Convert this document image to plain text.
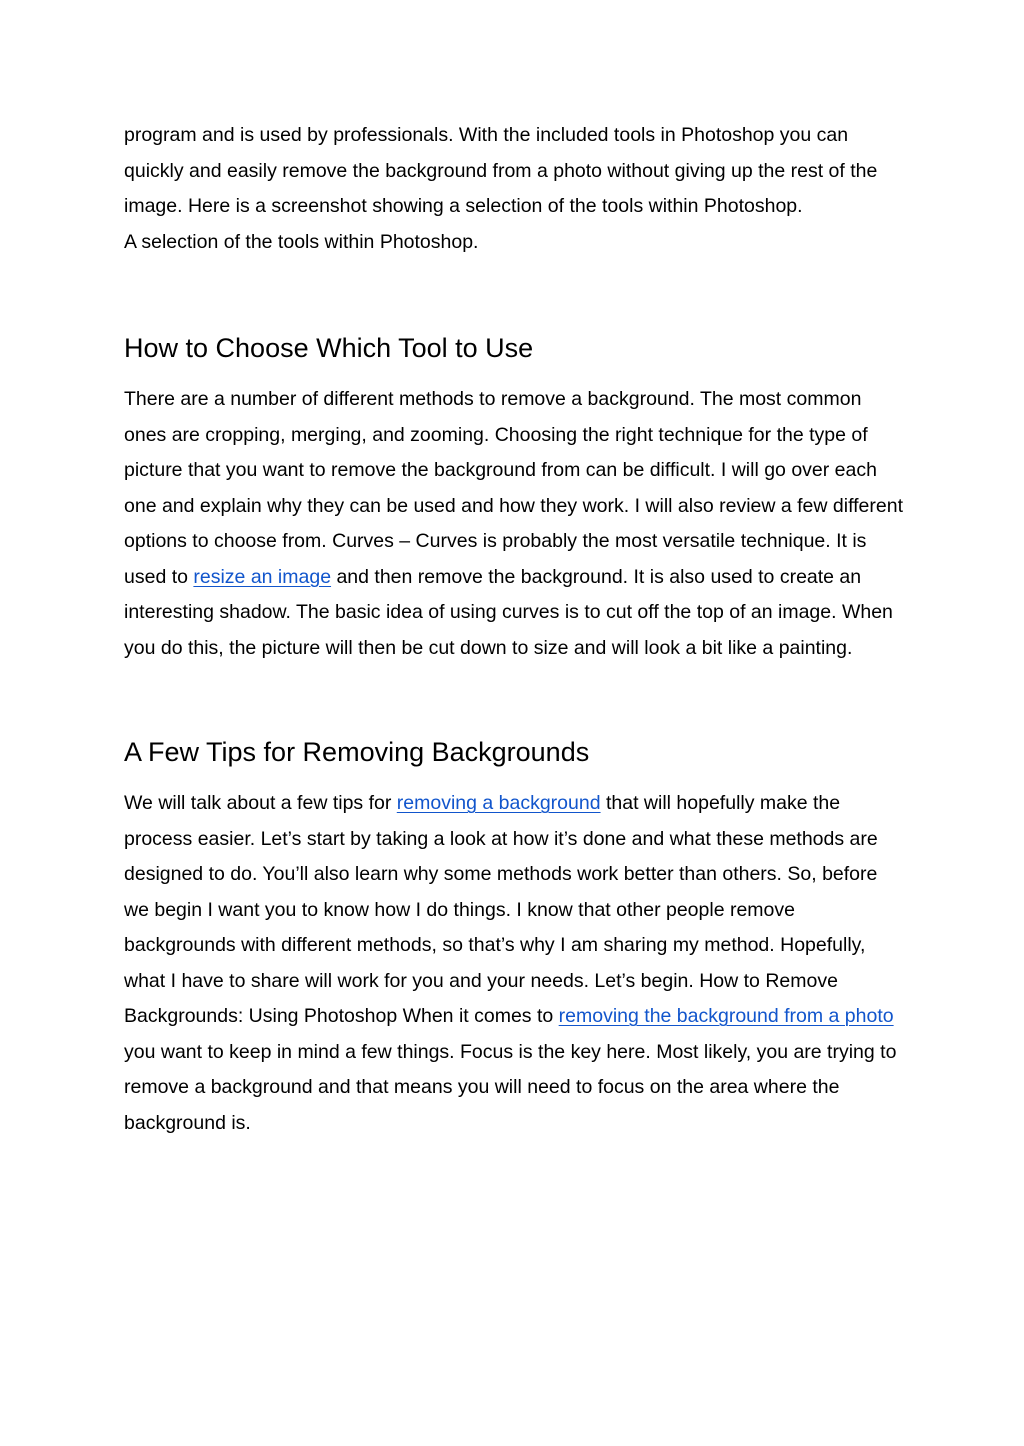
program and is used by professionals. With the included tools in Photoshop you can quickly and easily remove the background from a photo without giving up the rest of the image. Here is a screenshot showing a selection of the tools within Photoshop.
A selection of the tools within Photoshop.

How to Choose Which Tool to Use

There are a number of different methods to remove a background. The most common ones are cropping, merging, and zooming. Choosing the right technique for the type of picture that you want to remove the background from can be difficult. I will go over each one and explain why they can be used and how they work. I will also review a few different options to choose from. Curves – Curves is probably the most versatile technique. It is used to resize an image and then remove the background. It is also used to create an interesting shadow. The basic idea of using curves is to cut off the top of an image. When you do this, the picture will then be cut down to size and will look a bit like a painting.

A Few Tips for Removing Backgrounds

We will talk about a few tips for removing a background that will hopefully make the process easier. Let’s start by taking a look at how it’s done and what these methods are designed to do. You’ll also learn why some methods work better than others. So, before we begin I want you to know how I do things. I know that other people remove backgrounds with different methods, so that’s why I am sharing my method. Hopefully, what I have to share will work for you and your needs. Let’s begin. How to Remove Backgrounds: Using Photoshop When it comes to removing the background from a photo you want to keep in mind a few things. Focus is the key here. Most likely, you are trying to remove a background and that means you will need to focus on the area where the background is.
